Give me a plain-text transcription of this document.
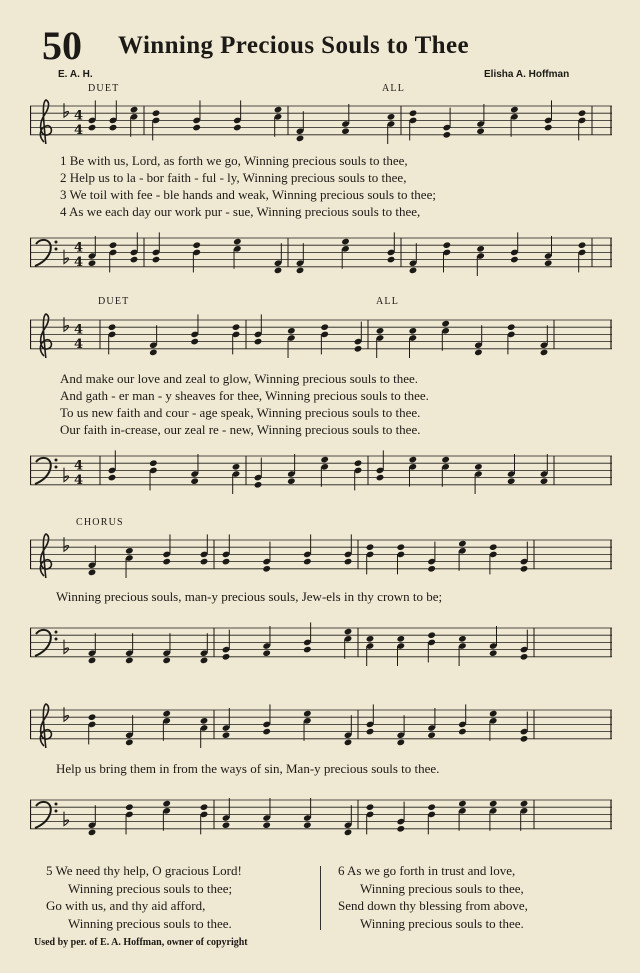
50 Winning Precious Souls to Thee
E. A. H.	Elisha A. Hoffman
DUET	ALL
4
4
1 Be with us, Lord, as forth we go, Winning precious souls to thee,
2 Help us to la - bor faith - ful - ly, Winning precious souls to thee,
3 We toil with fee - ble hands and weak, Winning precious souls to thee;
4 As we each day our work pur - sue, Winning precious souls to thee,
4
4
DUET	ALL
4
4
And make our love and zeal to glow, Winning precious souls to thee.
And gath - er man - y sheaves for thee, Winning precious souls to thee.
To us new faith and cour - age speak, Winning precious souls to thee.
Our faith in-crease, our zeal re - new, Winning precious souls to thee.
4
4
CHORUS
Winning precious souls, man-y precious souls, Jew-els in thy crown to be;
Help us bring them in from the ways of sin, Man-y precious souls to thee.
5 We need thy help, O gracious Lord!
Winning precious souls to thee;
Go with us, and thy aid afford,
Winning precious souls to thee.
6 As we go forth in trust and love,
Winning precious souls to thee,
Send down thy blessing from above,
Winning precious souls to thee.
Used by per. of E. A. Hoffman, owner of copyright
